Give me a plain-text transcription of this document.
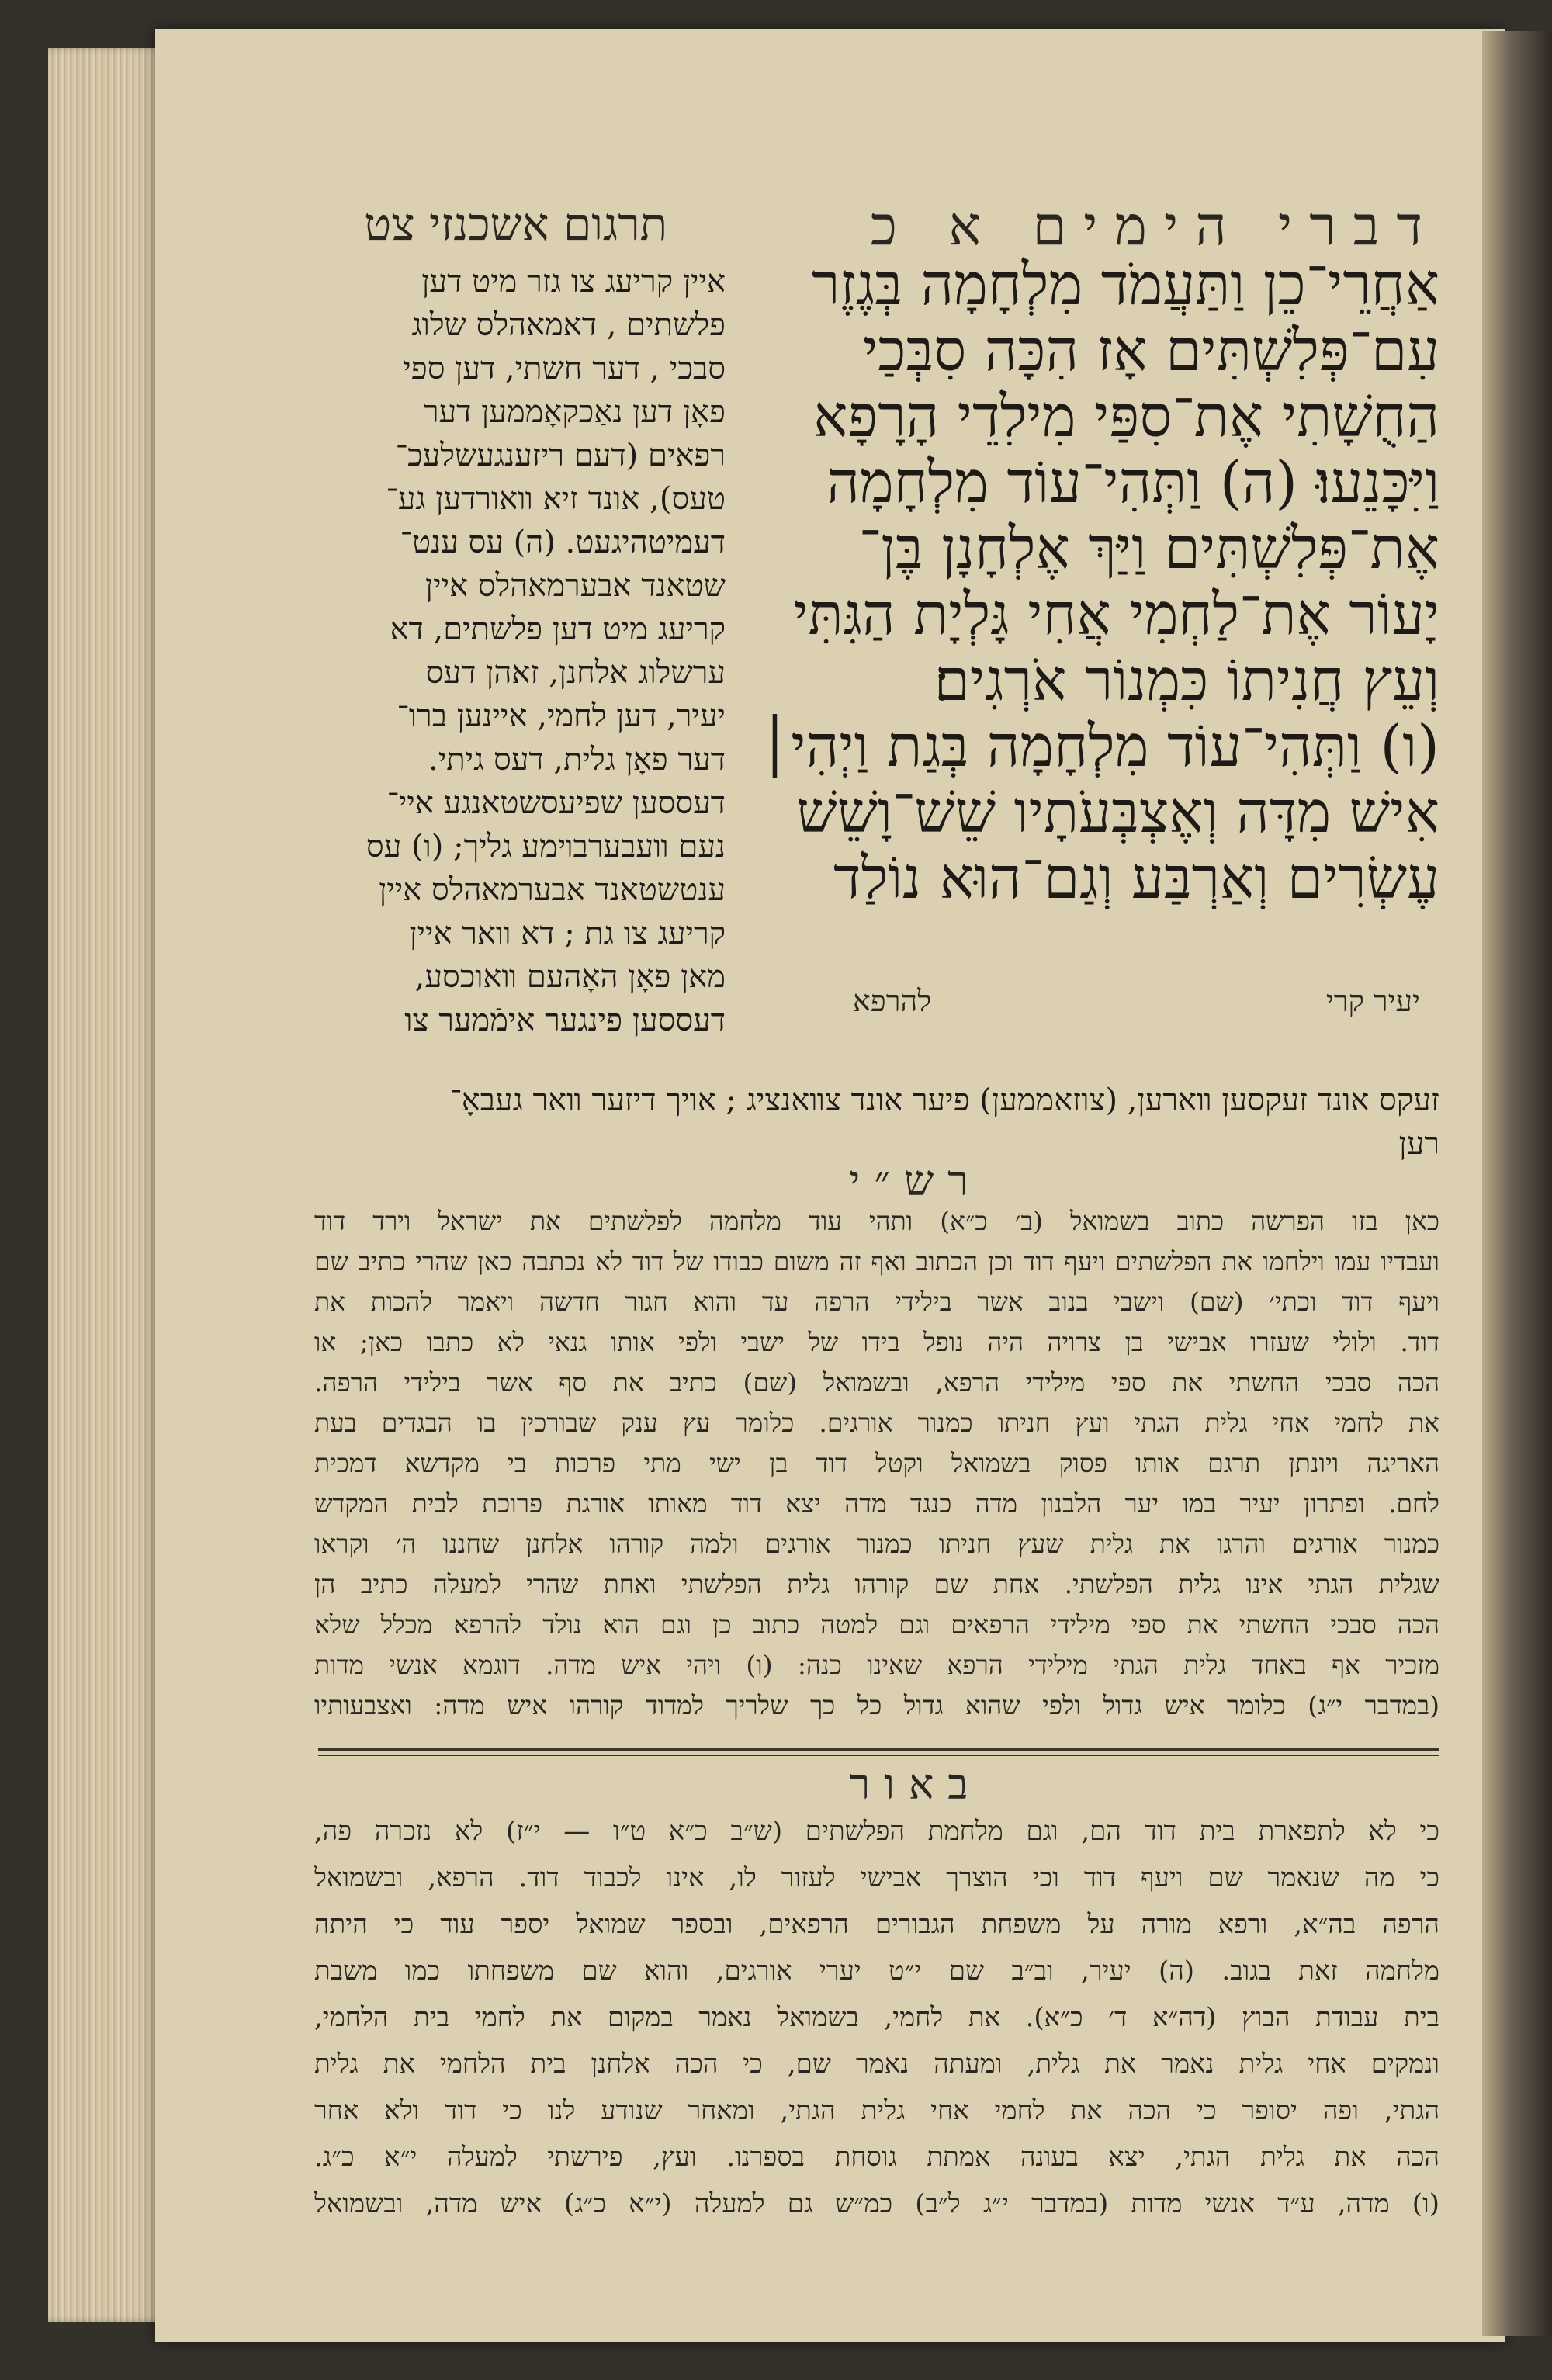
דברי הימים א כ
תרגום אשכנזי צט
אַחֲרֵי־כֵן וַתַּעֲמֹד מִלְחָמָה בְּגֶזֶר
עִם־פְּלִשְׁתִּים אָז הִכָּה סִבְּכַי
הַחֻשָׁתִי אֶת־סִפַּי מִילִדֵי הָרָפָא
וַיִּכָּנֵעוּ׃ (ה) וַתְּהִי־עוֹד מִלְחָמָה
אֶת־פְּלִשְׁתִּים וַיַּךְ אֶלְחָנָן בֶּן־
יָעוֹר אֶת־לַחְמִי אֲחִי גָּלְיָת הַגִּתִּי
וְעֵץ חֲנִיתוֹ כִּמְנוֹר אֹרְגִים׃
(ו) וַתְּהִי־עוֹד מִלְחָמָה בְּגַת וַיְהִי׀
אִישׁ מִדָּה וְאֶצְבְּעֹתָיו שֵׁשׁ־וָשֵׁשׁ
עֶשְׂרִים וְאַרְבַּע וְגַם־הוּא נוֹלַד
יעיר קרי
להרפא
איין קריעג צו גזר מיט דען
פלשתים , דאמאהלס שלוג
סבכי , דער חשתי, דען ספי
פאָן דען נאַכקאָממען דער
רפאים (דעם ריזענגעשלעכ־
טעס), אונד זיא װאורדען גע־
דעמיטהיגעט. (ה) עס ענט־
שטאנד אבערמאהלס איין
קריעג מיט דען פלשתים, דא
ערשלוג אלחנן, זאהן דעס
יעיר, דען לחמי, איינען ברו־
דער פאָן גלית, דעס גיתי.
דעססען שפיעסשטאנגע איי־
נעם װעבערבױמע גליך; (ו) עס
ענטשטאנד אבערמאהלס איין
קריעג צו גת ; דא װאר איין
מאן פאָן האָהעם װאוכסע,
דעססען פינגער אימֿמער צו
זעקס אונד זעקסען װארען, (צוזאממען) פיער אונד צװאנציג ; אויך דיזער װאר געבאָ־
רען
רש״י
כאן בזו הפרשה כתוב בשמואל (ב׳ כ״א) ותהי עוד מלחמה לפלשתים את ישראל וירד דוד
ועבדיו עמו וילחמו את הפלשתים ויעף דוד וכן הכתוב ואף זה משום כבודו של דוד לא נכתבה כאן שהרי כתיב שם
ויעף דוד וכתי׳ (שם) וישבי בנוב אשר בילידי הרפה עד והוא חגור חדשה ויאמר להכות את
דוד. ולולי שעזרו אבישי בן צרויה היה נופל בידו של ישבי ולפי אותו גנאי לא כתבו כאן; או
הכה סבכי החשתי את ספי מילידי הרפא, ובשמואל (שם) כתיב את סף אשר בילידי הרפה.
את לחמי אחי גלית הגתי ועץ חניתו כמנור אורגים. כלומר עץ ענק שבורכין בו הבגדים בעת
האריגה ויונתן תרגם אותו פסוק בשמואל וקטל דוד בן ישי מתי פרכות בי מקדשא דמכית
לחם. ופתרון יעיר במו יער הלבנון מדה כנגד מדה יצא דוד מאותו אורגת פרוכת לבית המקדש
כמנור אורגים והרגו את גלית שעץ חניתו כמנור אורגים ולמה קורהו אלחנן שחננו ה׳ וקראו
שגלית הגתי אינו גלית הפלשתי. אחת שם קורהו גלית הפלשתי ואחת שהרי למעלה כתיב הן
הכה סבכי החשתי את ספי מילידי הרפאים וגם למטה כתוב כן וגם הוא נולד להרפא מכלל שלא
מזכיר אף באחד גלית הגתי מילידי הרפא שאינו כנה: (ו) ויהי איש מדה. דוגמא אנשי מדות
(במדבר י״ג) כלומר איש גדול ולפי שהוא גדול כל כך שלריך למדוד קורהו איש מדה: ואצבעותיו
באור
כי לא לתפארת בית דוד הם, וגם מלחמת הפלשתים (ש״ב כ״א ט״ו — י״ז) לא נזכרה פה,
כי מה שנאמר שם ויעף דוד וכי הוצרך אבישי לעזור לו, אינו לכבוד דוד. הרפא, ובשמואל
הרפה בה״א, ורפא מורה על משפחת הגבורים הרפאים, ובספר שמואל יספר עוד כי היתה
מלחמה זאת בגוב. (ה) יעיר, וב״ב שם י״ט יערי אורגים, והוא שם משפחתו כמו משבת
בית עבודת הבוץ (דה״א ד׳ כ״א). את לחמי, בשמואל נאמר במקום את לחמי בית הלחמי,
ונמקים אחי גלית נאמר את גלית, ומעתה נאמר שם, כי הכה אלחנן בית הלחמי את גלית
הגתי, ופה יסופר כי הכה את לחמי אחי גלית הגתי, ומאחר שנודע לנו כי דוד ולא אחר
הכה את גלית הגתי, יצא בעונה אמתת גוסחת בספרנו. ועץ, פירשתי למעלה י״א כ״ג.
(ו) מדה, ע״ד אנשי מדות (במדבר י״ג ל״ב) כמ״ש גם למעלה (י״א כ״ג) איש מדה, ובשמואל
